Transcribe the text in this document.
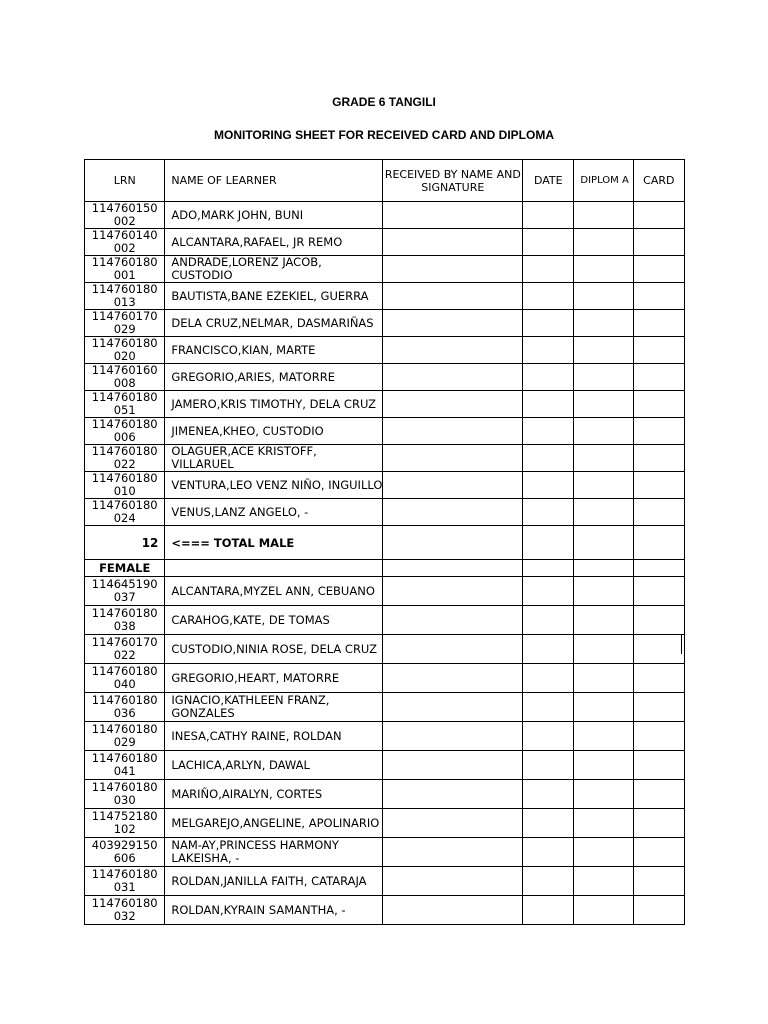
GRADE 6 TANGILI
MONITORING SHEET FOR RECEIVED CARD AND DIPLOMA
LRN	NAME OF LEARNER	RECEIVED BY NAME AND SIGNATURE	DATE	DIPLOM A	CARD
114760150 002	ADO,MARK JOHN, BUNI				
114760140 002	ALCANTARA,RAFAEL, JR REMO				
114760180 001	ANDRADE,LORENZ JACOB, CUSTODIO				
114760180 013	BAUTISTA,BANE EZEKIEL, GUERRA				
114760170 029	DELA CRUZ,NELMAR, DASMARIÑAS				
114760180 020	FRANCISCO,KIAN, MARTE				
114760160 008	GREGORIO,ARIES, MATORRE				
114760180 051	JAMERO,KRIS TIMOTHY, DELA CRUZ				
114760180 006	JIMENEA,KHEO, CUSTODIO				
114760180 022	OLAGUER,ACE KRISTOFF, VILLARUEL				
114760180 010	VENTURA,LEO VENZ NIÑO, INGUILLO				
114760180 024	VENUS,LANZ ANGELO, -				
12	<=== TOTAL MALE				
FEMALE					
114645190 037	ALCANTARA,MYZEL ANN, CEBUANO				
114760180 038	CARAHOG,KATE, DE TOMAS				
114760170 022	CUSTODIO,NINIA ROSE, DELA CRUZ				
114760180 040	GREGORIO,HEART, MATORRE				
114760180 036	IGNACIO,KATHLEEN FRANZ, GONZALES				
114760180 029	INESA,CATHY RAINE, ROLDAN				
114760180 041	LACHICA,ARLYN, DAWAL				
114760180 030	MARIÑO,AIRALYN, CORTES				
114752180 102	MELGAREJO,ANGELINE, APOLINARIO				
403929150 606	NAM-AY,PRINCESS HARMONY LAKEISHA, -				
114760180 031	ROLDAN,JANILLA FAITH, CATARAJA				
114760180 032	ROLDAN,KYRAIN SAMANTHA, -				
